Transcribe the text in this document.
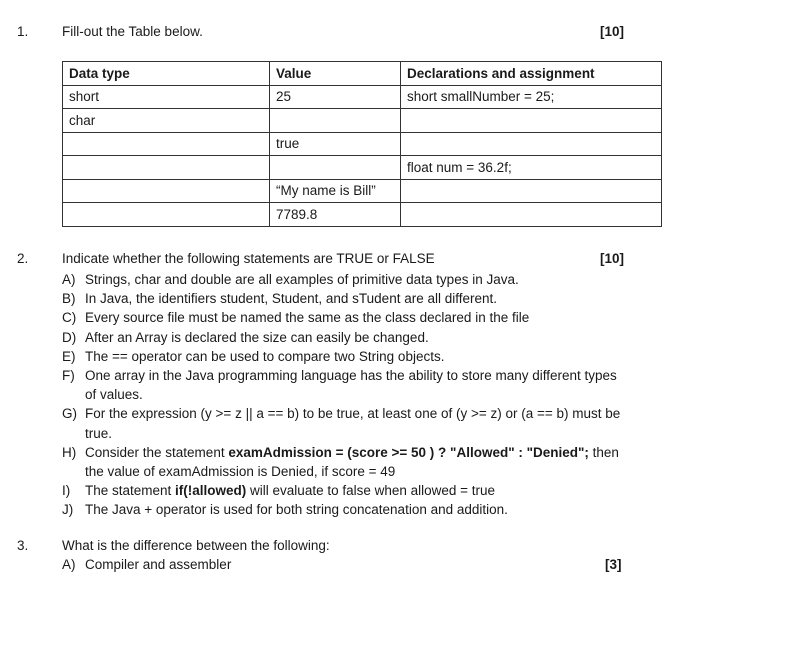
1. Fill-out the Table below.	[10]
Data type	Value	Declarations and assignment
short	25	short smallNumber = 25;
char		
	true	
		float num = 36.2f;
	“My name is Bill”	
	7789.8	
2. Indicate whether the following statements are TRUE or FALSE	[10]
A) Strings, char and double are all examples of primitive data types in Java.
B) In Java, the identifiers student, Student, and sTudent are all different.
C) Every source file must be named the same as the class declared in the file
D) After an Array is declared the size can easily be changed.
E) The == operator can be used to compare two String objects.
F) One array in the Java programming language has the ability to store many different types
of values.
G) For the expression (y >= z || a == b) to be true, at least one of (y >= z) or (a == b) must be
true.
H) Consider the statement examAdmission = (score >= 50 ) ? "Allowed" : "Denied"; then
the value of examAdmission is Denied, if score = 49
I) The statement if(!allowed) will evaluate to false when allowed = true
J) The Java + operator is used for both string concatenation and addition.
3. What is the difference between the following:
A) Compiler and assembler	[3]
